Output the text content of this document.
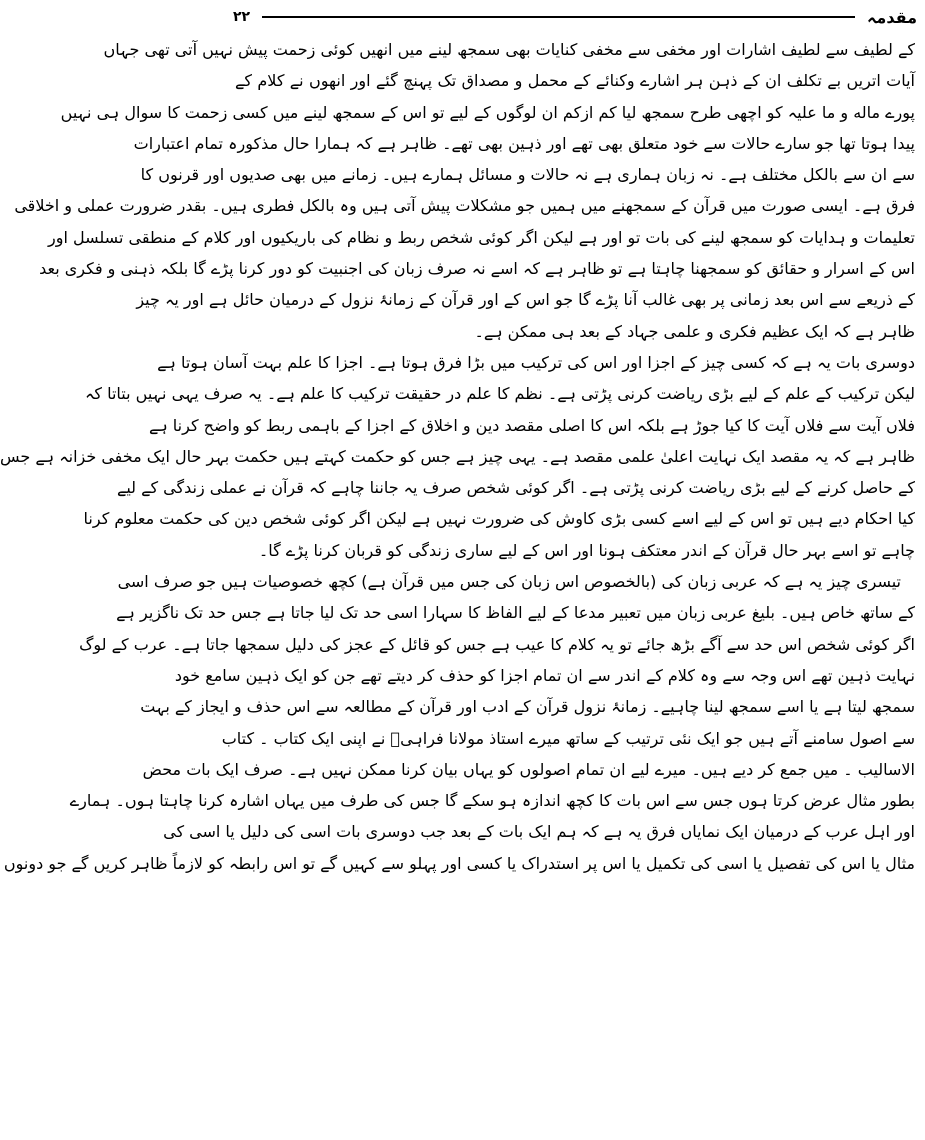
مقدمہ
۲۲
کے لطیف سے لطیف اشارات اور مخفی سے مخفی کنایات بھی سمجھ لینے میں انھیں کوئی زحمت پیش نہیں آتی تھی جہاں
آیات اتریں بے تکلف ان کے ذہن ہر اشارے وکنائے کے محمل و مصداق تک پہنچ گئے اور انھوں نے کلام کے
پورے ماله و ما علیہ کو اچھی طرح سمجھ لیا کم ازکم ان لوگوں کے لیے تو اس کے سمجھ لینے میں کسی زحمت کا سوال ہی نہیں
پیدا ہوتا تھا جو سارے حالات سے خود متعلق بھی تھے اور ذہین بھی تھے۔ ظاہر ہے کہ ہمارا حال مذکورہ تمام اعتبارات
سے ان سے بالکل مختلف ہے۔ نہ زبان ہماری ہے نہ حالات و مسائل ہمارے ہیں۔ زمانے میں بھی صدیوں اور قرنوں کا
فرق ہے۔ ایسی صورت میں قرآن کے سمجھنے میں ہمیں جو مشکلات پیش آتی ہیں وہ بالکل فطری ہیں۔ بقدر ضرورت عملی و اخلاقی
تعلیمات و ہدایات کو سمجھ لینے کی بات تو اور ہے لیکن اگر کوئی شخص ربط و نظام کی باریکیوں اور کلام کے منطقی تسلسل اور
اس کے اسرار و حقائق کو سمجھنا چاہتا ہے تو ظاہر ہے کہ اسے نہ صرف زبان کی اجنبیت کو دور کرنا پڑے گا بلکہ ذہنی و فکری بعد
کے ذریعے سے اس بعد زمانی پر بھی غالب آنا پڑے گا جو اس کے اور قرآن کے زمانۂ نزول کے درمیان حائل ہے اور یہ چیز
ظاہر ہے کہ ایک عظیم فکری و علمی جہاد کے بعد ہی ممکن ہے۔
دوسری بات یہ ہے کہ کسی چیز کے اجزا اور اس کی ترکیب میں بڑا فرق ہوتا ہے۔ اجزا کا علم بہت آسان ہوتا ہے
لیکن ترکیب کے علم کے لیے بڑی ریاضت کرنی پڑتی ہے۔ نظم کا علم در حقیقت ترکیب کا علم ہے۔ یہ صرف یہی نہیں بتاتا کہ
فلاں آیت سے فلاں آیت کا کیا جوڑ ہے بلکہ اس کا اصلی مقصد دین و اخلاق کے اجزا کے باہمی ربط کو واضح کرنا ہے
ظاہر ہے کہ یہ مقصد ایک نہایت اعلیٰ علمی مقصد ہے۔ یہی چیز ہے جس کو حکمت کہتے ہیں حکمت بہر حال ایک مخفی خزانہ ہے جس
کے حاصل کرنے کے لیے بڑی ریاضت کرنی پڑتی ہے۔ اگر کوئی شخص صرف یہ جاننا چاہے کہ قرآن نے عملی زندگی کے لیے
کیا احکام دیے ہیں تو اس کے لیے اسے کسی بڑی کاوش کی ضرورت نہیں ہے لیکن اگر کوئی شخص دین کی حکمت معلوم کرنا
چاہے تو اسے بہر حال قرآن کے اندر معتکف ہونا اور اس کے لیے ساری زندگی کو قربان کرنا پڑے گا۔
تیسری چیز یہ ہے کہ عربی زبان کی (بالخصوص اس زبان کی جس میں قرآن ہے) کچھ خصوصیات ہیں جو صرف اسی
کے ساتھ خاص ہیں۔ بلیغ عربی زبان میں تعبیر مدعا کے لیے الفاظ کا سہارا اسی حد تک لیا جاتا ہے جس حد تک ناگزیر ہے
اگر کوئی شخص اس حد سے آگے بڑھ جائے تو یہ کلام کا عیب ہے جس کو قائل کے عجز کی دلیل سمجھا جاتا ہے۔ عرب کے لوگ
نہایت ذہین تھے اس وجہ سے وہ کلام کے اندر سے ان تمام اجزا کو حذف کر دیتے تھے جن کو ایک ذہین سامع خود
سمجھ لیتا ہے یا اسے سمجھ لینا چاہیے۔ زمانۂ نزول قرآن کے ادب اور قرآن کے مطالعہ سے اس حذف و ایجاز کے بہت
سے اصول سامنے آتے ہیں جو ایک نئی ترتیب کے ساتھ میرے استاذ مولانا فراہیؒ نے اپنی ایک کتاب ۔ کتاب
الاسالیب ۔ میں جمع کر دیے ہیں۔ میرے لیے ان تمام اصولوں کو یہاں بیان کرنا ممکن نہیں ہے۔ صرف ایک بات محض
بطور مثال عرض کرتا ہوں جس سے اس بات کا کچھ اندازہ ہو سکے گا جس کی طرف میں یہاں اشارہ کرنا چاہتا ہوں۔ ہمارے
اور اہل عرب کے درمیان ایک نمایاں فرق یہ ہے کہ ہم ایک بات کے بعد جب دوسری بات اسی کی دلیل یا اسی کی
مثال یا اس کی تفصیل یا اسی کی تکمیل یا اس پر استدراک یا کسی اور پہلو سے کہیں گے تو اس رابطہ کو لازماً ظاہر کریں گے جو دونوں
